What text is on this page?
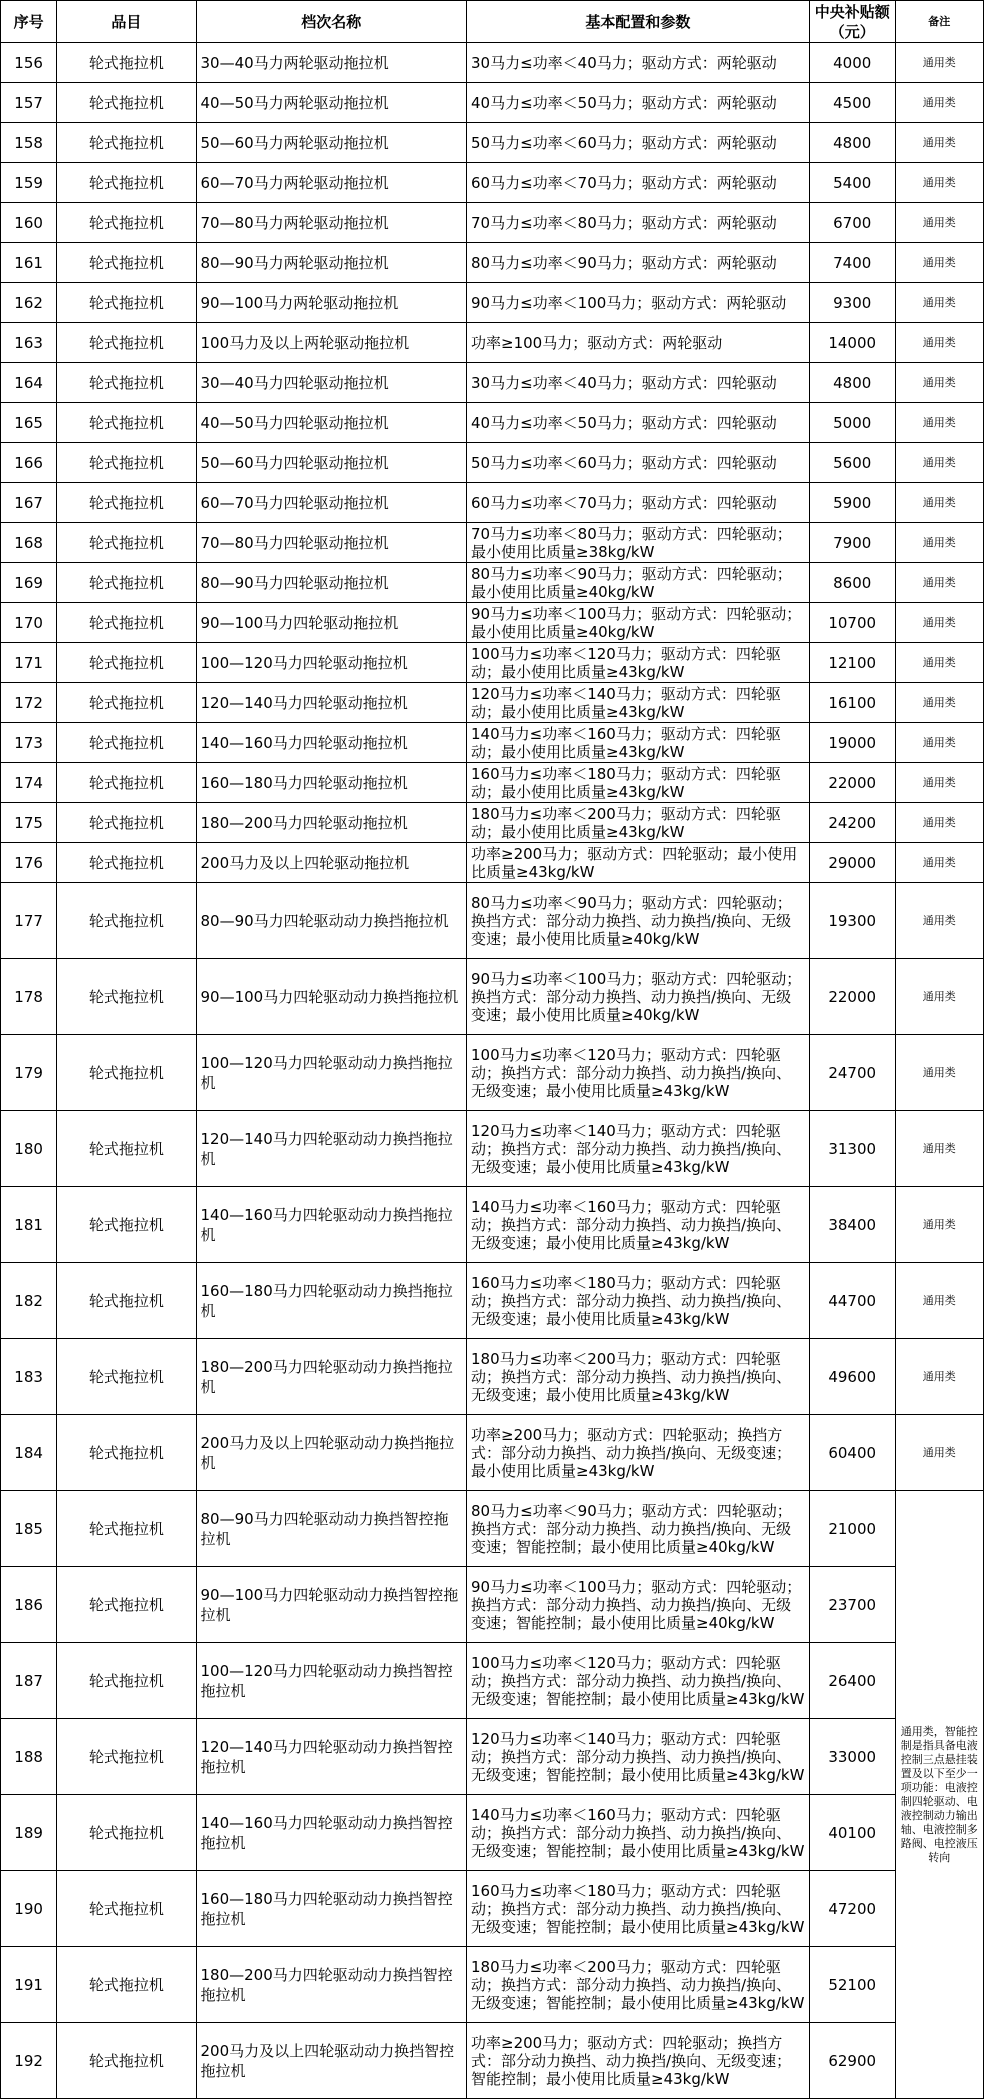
序号	品目	档次名称	基本配置和参数	中央补贴额（元）	备注
156	轮式拖拉机	30—40马力两轮驱动拖拉机	30马力≤功率＜40马力；驱动方式：两轮驱动	4000	通用类
157	轮式拖拉机	40—50马力两轮驱动拖拉机	40马力≤功率＜50马力；驱动方式：两轮驱动	4500	通用类
158	轮式拖拉机	50—60马力两轮驱动拖拉机	50马力≤功率＜60马力；驱动方式：两轮驱动	4800	通用类
159	轮式拖拉机	60—70马力两轮驱动拖拉机	60马力≤功率＜70马力；驱动方式：两轮驱动	5400	通用类
160	轮式拖拉机	70—80马力两轮驱动拖拉机	70马力≤功率＜80马力；驱动方式：两轮驱动	6700	通用类
161	轮式拖拉机	80—90马力两轮驱动拖拉机	80马力≤功率＜90马力；驱动方式：两轮驱动	7400	通用类
162	轮式拖拉机	90—100马力两轮驱动拖拉机	90马力≤功率＜100马力；驱动方式：两轮驱动	9300	通用类
163	轮式拖拉机	100马力及以上两轮驱动拖拉机	功率≥100马力；驱动方式：两轮驱动	14000	通用类
164	轮式拖拉机	30—40马力四轮驱动拖拉机	30马力≤功率＜40马力；驱动方式：四轮驱动	4800	通用类
165	轮式拖拉机	40—50马力四轮驱动拖拉机	40马力≤功率＜50马力；驱动方式：四轮驱动	5000	通用类
166	轮式拖拉机	50—60马力四轮驱动拖拉机	50马力≤功率＜60马力；驱动方式：四轮驱动	5600	通用类
167	轮式拖拉机	60—70马力四轮驱动拖拉机	60马力≤功率＜70马力；驱动方式：四轮驱动	5900	通用类
168	轮式拖拉机	70—80马力四轮驱动拖拉机	70马力≤功率＜80马力；驱动方式：四轮驱动；最小使用比质量≥38kg/kW	7900	通用类
169	轮式拖拉机	80—90马力四轮驱动拖拉机	80马力≤功率＜90马力；驱动方式：四轮驱动；最小使用比质量≥40kg/kW	8600	通用类
170	轮式拖拉机	90—100马力四轮驱动拖拉机	90马力≤功率＜100马力；驱动方式：四轮驱动；最小使用比质量≥40kg/kW	10700	通用类
171	轮式拖拉机	100—120马力四轮驱动拖拉机	100马力≤功率＜120马力；驱动方式：四轮驱动；最小使用比质量≥43kg/kW	12100	通用类
172	轮式拖拉机	120—140马力四轮驱动拖拉机	120马力≤功率＜140马力；驱动方式：四轮驱动；最小使用比质量≥43kg/kW	16100	通用类
173	轮式拖拉机	140—160马力四轮驱动拖拉机	140马力≤功率＜160马力；驱动方式：四轮驱动；最小使用比质量≥43kg/kW	19000	通用类
174	轮式拖拉机	160—180马力四轮驱动拖拉机	160马力≤功率＜180马力；驱动方式：四轮驱动；最小使用比质量≥43kg/kW	22000	通用类
175	轮式拖拉机	180—200马力四轮驱动拖拉机	180马力≤功率＜200马力；驱动方式：四轮驱动；最小使用比质量≥43kg/kW	24200	通用类
176	轮式拖拉机	200马力及以上四轮驱动拖拉机	功率≥200马力；驱动方式：四轮驱动；最小使用比质量≥43kg/kW	29000	通用类
177	轮式拖拉机	80—90马力四轮驱动动力换挡拖拉机	80马力≤功率＜90马力；驱动方式：四轮驱动；换挡方式：部分动力换挡、动力换挡/换向、无级变速；最小使用比质量≥40kg/kW	19300	通用类
178	轮式拖拉机	90—100马力四轮驱动动力换挡拖拉机	90马力≤功率＜100马力；驱动方式：四轮驱动；换挡方式：部分动力换挡、动力换挡/换向、无级变速；最小使用比质量≥40kg/kW	22000	通用类
179	轮式拖拉机	100—120马力四轮驱动动力换挡拖拉机	100马力≤功率＜120马力；驱动方式：四轮驱动；换挡方式：部分动力换挡、动力换挡/换向、无级变速；最小使用比质量≥43kg/kW	24700	通用类
180	轮式拖拉机	120—140马力四轮驱动动力换挡拖拉机	120马力≤功率＜140马力；驱动方式：四轮驱动；换挡方式：部分动力换挡、动力换挡/换向、无级变速；最小使用比质量≥43kg/kW	31300	通用类
181	轮式拖拉机	140—160马力四轮驱动动力换挡拖拉机	140马力≤功率＜160马力；驱动方式：四轮驱动；换挡方式：部分动力换挡、动力换挡/换向、无级变速；最小使用比质量≥43kg/kW	38400	通用类
182	轮式拖拉机	160—180马力四轮驱动动力换挡拖拉机	160马力≤功率＜180马力；驱动方式：四轮驱动；换挡方式：部分动力换挡、动力换挡/换向、无级变速；最小使用比质量≥43kg/kW	44700	通用类
183	轮式拖拉机	180—200马力四轮驱动动力换挡拖拉机	180马力≤功率＜200马力；驱动方式：四轮驱动；换挡方式：部分动力换挡、动力换挡/换向、无级变速；最小使用比质量≥43kg/kW	49600	通用类
184	轮式拖拉机	200马力及以上四轮驱动动力换挡拖拉机	功率≥200马力；驱动方式：四轮驱动；换挡方式：部分动力换挡、动力换挡/换向、无级变速；最小使用比质量≥43kg/kW	60400	通用类
185	轮式拖拉机	80—90马力四轮驱动动力换挡智控拖拉机	80马力≤功率＜90马力；驱动方式：四轮驱动；换挡方式：部分动力换挡、动力换挡/换向、无级变速；智能控制；最小使用比质量≥40kg/kW	21000	通用类，智能控制是指具备电液控制三点悬挂装置及以下至少一项功能：电液控制四轮驱动、电液控制动力输出轴、电液控制多路阀、电控液压转向
186	轮式拖拉机	90—100马力四轮驱动动力换挡智控拖拉机	90马力≤功率＜100马力；驱动方式：四轮驱动；换挡方式：部分动力换挡、动力换挡/换向、无级变速；智能控制；最小使用比质量≥40kg/kW	23700	
187	轮式拖拉机	100—120马力四轮驱动动力换挡智控拖拉机	100马力≤功率＜120马力；驱动方式：四轮驱动；换挡方式：部分动力换挡、动力换挡/换向、无级变速；智能控制；最小使用比质量≥43kg/kW	26400	
188	轮式拖拉机	120—140马力四轮驱动动力换挡智控拖拉机	120马力≤功率＜140马力；驱动方式：四轮驱动；换挡方式：部分动力换挡、动力换挡/换向、无级变速；智能控制；最小使用比质量≥43kg/kW	33000	
189	轮式拖拉机	140—160马力四轮驱动动力换挡智控拖拉机	140马力≤功率＜160马力；驱动方式：四轮驱动；换挡方式：部分动力换挡、动力换挡/换向、无级变速；智能控制；最小使用比质量≥43kg/kW	40100	
190	轮式拖拉机	160—180马力四轮驱动动力换挡智控拖拉机	160马力≤功率＜180马力；驱动方式：四轮驱动；换挡方式：部分动力换挡、动力换挡/换向、无级变速；智能控制；最小使用比质量≥43kg/kW	47200	
191	轮式拖拉机	180—200马力四轮驱动动力换挡智控拖拉机	180马力≤功率＜200马力；驱动方式：四轮驱动；换挡方式：部分动力换挡、动力换挡/换向、无级变速；智能控制；最小使用比质量≥43kg/kW	52100	
192	轮式拖拉机	200马力及以上四轮驱动动力换挡智控拖拉机	功率≥200马力；驱动方式：四轮驱动；换挡方式：部分动力换挡、动力换挡/换向、无级变速；智能控制；最小使用比质量≥43kg/kW	62900	
